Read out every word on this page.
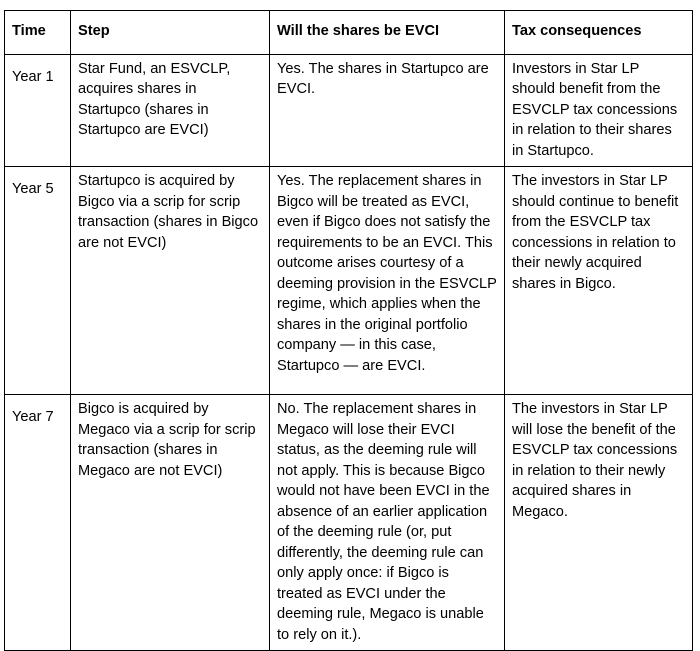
Time	Step	Will the shares be EVCI	Tax consequences
Year 1	Star Fund, an ESVCLP, acquires shares in Startupco (shares in Startupco are EVCI)	Yes. The shares in Startupco are EVCI.	Investors in Star LP should benefit from the ESVCLP tax concessions in relation to their shares in Startupco.
Year 5	Startupco is acquired by Bigco via a scrip for scrip transaction (shares in Bigco are not EVCI)	Yes. The replacement shares in Bigco will be treated as EVCI, even if Bigco does not satisfy the requirements to be an EVCI. This outcome arises courtesy of a deeming provision in the ESVCLP regime, which applies when the shares in the original portfolio company — in this case, Startupco — are EVCI.	The investors in Star LP should continue to benefit from the ESVCLP tax concessions in relation to their newly acquired shares in Bigco.
Year 7	Bigco is acquired by Megaco via a scrip for scrip transaction (shares in Megaco are not EVCI)	No. The replacement shares in Megaco will lose their EVCI status, as the deeming rule will not apply. This is because Bigco would not have been EVCI in the absence of an earlier application of the deeming rule (or, put differently, the deeming rule can only apply once: if Bigco is treated as EVCI under the deeming rule, Megaco is unable to rely on it.).	The investors in Star LP will lose the benefit of the ESVCLP tax concessions in relation to their newly acquired shares in Megaco.
